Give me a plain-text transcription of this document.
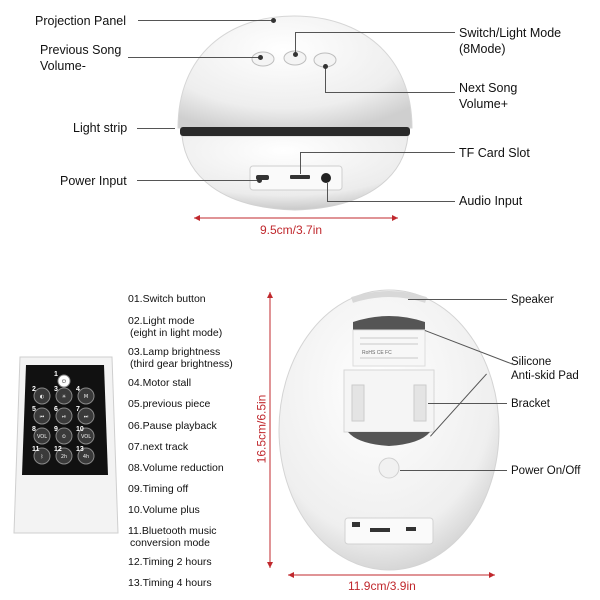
Projection Panel
Previous Song
Volume-
Light strip
Power Input
Switch/Light Mode
(8Mode)
Next Song
Volume+
TF Card Slot
Audio Input
9.5cm/3.7in
⏻
1
◐
2
☀
3
M
4
⏮
5
⏯
6
⏭
7
VOL
8
⏲
9
VOL
10
ᛒ
11
2h
12
4h
13
01.Switch button
02.Light mode
(eight in light mode)
03.Lamp brightness
(third gear brightness)
04.Motor stall
05.previous piece
06.Pause playback
07.next track
08.Volume reduction
09.Timing off
10.Volume plus
11.Bluetooth music
conversion mode
12.Timing 2 hours
13.Timing 4 hours
RoHS CE FC
Speaker
Silicone
Anti-skid Pad
Bracket
Power On/Off
11.9cm/3.9in
16.5cm/6.5in
